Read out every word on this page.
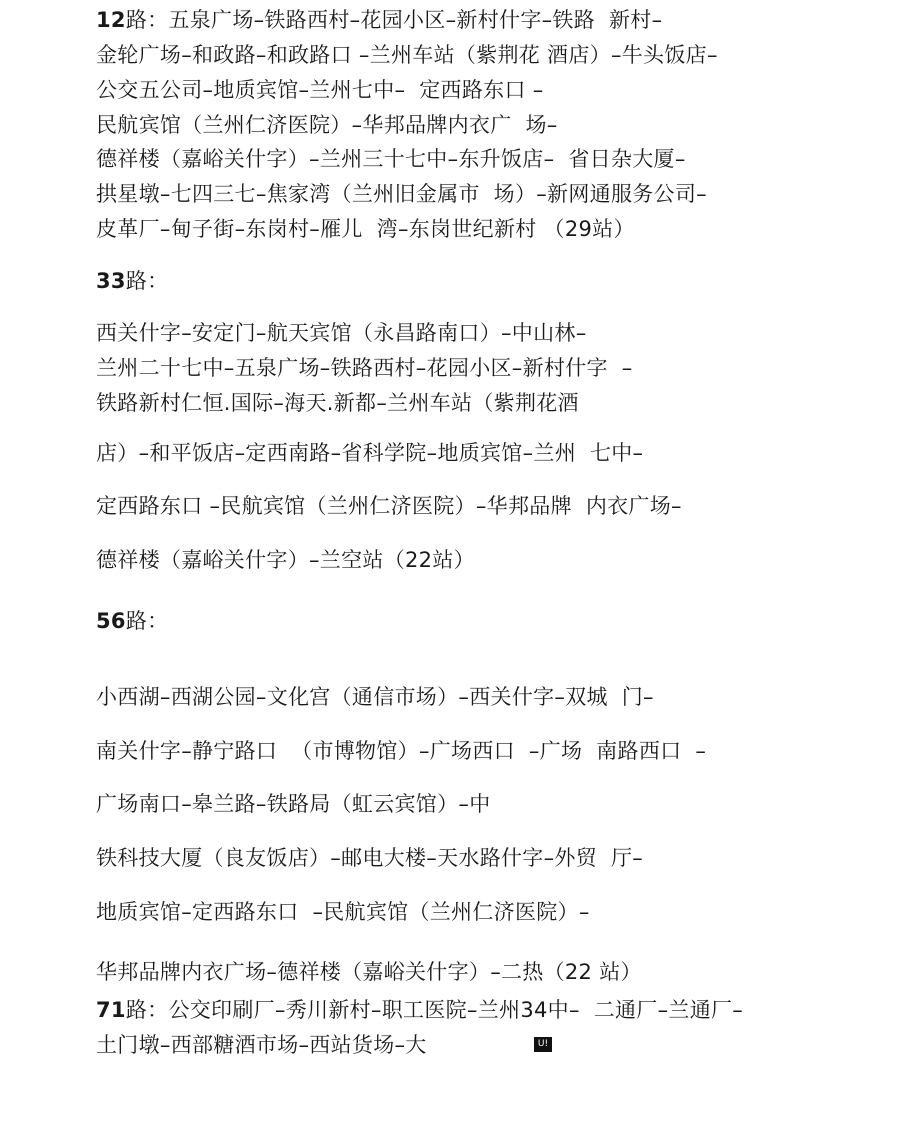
12路：五泉广场–铁路西村–花园小区–新村什字–铁路  新村–
金轮广场–和政路–和政路口 –兰州车站（紫荆花 酒店）–牛头饭店–
公交五公司–地质宾馆–兰州七中–  定西路东口 –
民航宾馆（兰州仁济医院）–华邦品牌内衣广  场–
德祥楼（嘉峪关什字）–兰州三十七中–东升饭店–  省日杂大厦–
拱星墩–七四三七–焦家湾（兰州旧金属市  场）–新网通服务公司–
皮革厂–甸子街–东岗村–雁儿  湾–东岗世纪新村 （29站）
33路：
西关什字–安定门–航天宾馆（永昌路南口）–中山林–
兰州二十七中–五泉广场–铁路西村–花园小区–新村什字  –
铁路新村仁恒.国际–海天.新都–兰州车站（紫荆花酒
店）–和平饭店–定西南路–省科学院–地质宾馆–兰州  七中–
定西路东口 –民航宾馆（兰州仁济医院）–华邦品牌  内衣广场–
德祥楼（嘉峪关什字）–兰空站（22站）
56路：
小西湖–西湖公园–文化宫（通信市场）–西关什字–双城  门–
南关什字–静宁路口  （市博物馆）–广场西口  –广场  南路西口  –
广场南口–皋兰路–铁路局（虹云宾馆）–中
铁科技大厦（良友饭店）–邮电大楼–天水路什字–外贸  厅–
地质宾馆–定西路东口  –民航宾馆（兰州仁济医院）–
华邦品牌内衣广场–德祥楼（嘉峪关什字）–二热（22 站）
71路：公交印刷厂–秀川新村–职工医院–兰州34中–  二通厂–兰通厂–
土门墩–西部糖酒市场–西站货场–大	U!
